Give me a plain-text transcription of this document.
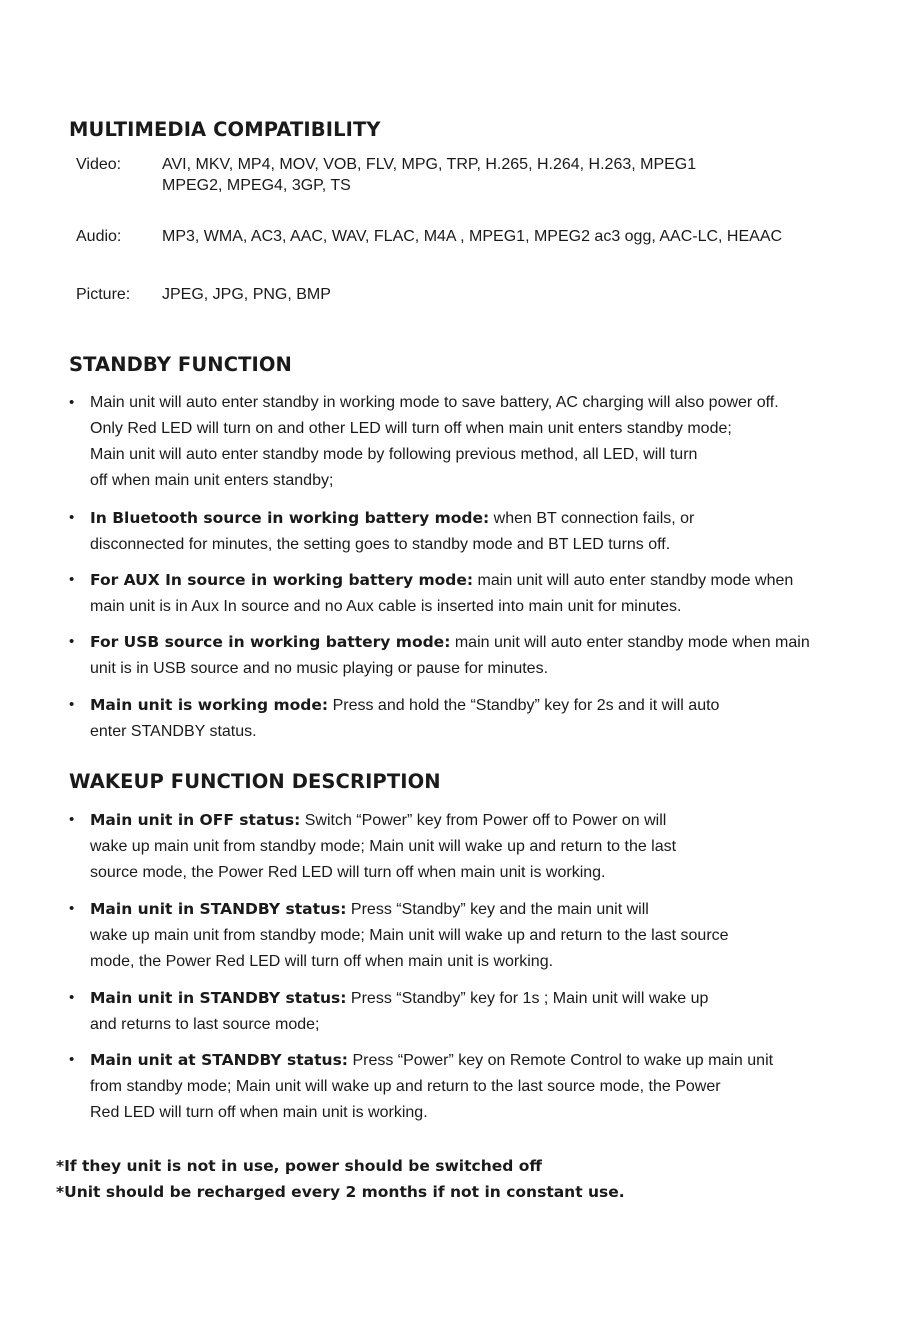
MULTIMEDIA COMPATIBILITY
Video:	AVI, MKV, MP4, MOV, VOB, FLV, MPG, TRP, H.265, H.264, H.263, MPEG1
MPEG2, MPEG4, 3GP, TS
Audio:	MP3, WMA, AC3, AAC, WAV, FLAC, M4A , MPEG1, MPEG2 ac3 ogg, AAC-LC, HEAAC
Picture: JPEG, JPG, PNG, BMP
STANDBY FUNCTION
• Main unit will auto enter standby in working mode to save battery, AC charging will also power off.
Only Red LED will turn on and other LED will turn off when main unit enters standby mode;
Main unit will auto enter standby mode by following previous method, all LED, will turn
off when main unit enters standby;
• In Bluetooth source in working battery mode: when BT connection fails, or
disconnected for minutes, the setting goes to standby mode and BT LED turns off.
• For AUX In source in working battery mode: main unit will auto enter standby mode when
main unit is in Aux In source and no Aux cable is inserted into main unit for minutes.
• For USB source in working battery mode: main unit will auto enter standby mode when main
unit is in USB source and no music playing or pause for minutes.
• Main unit is working mode: Press and hold the “Standby” key for 2s and it will auto
enter STANDBY status.
WAKEUP FUNCTION DESCRIPTION
• Main unit in OFF status: Switch “Power” key from Power off to Power on will
wake up main unit from standby mode; Main unit will wake up and return to the last
source mode, the Power Red LED will turn off when main unit is working.
• Main unit in STANDBY status: Press “Standby” key and the main unit will
wake up main unit from standby mode; Main unit will wake up and return to the last source
mode, the Power Red LED will turn off when main unit is working.
• Main unit in STANDBY status: Press “Standby” key for 1s ; Main unit will wake up
and returns to last source mode;
• Main unit at STANDBY status: Press “Power” key on Remote Control to wake up main unit
from standby mode; Main unit will wake up and return to the last source mode, the Power
Red LED will turn off when main unit is working.

*If they unit is not in use, power should be switched off

*Unit should be recharged every 2 months if not in constant use.
